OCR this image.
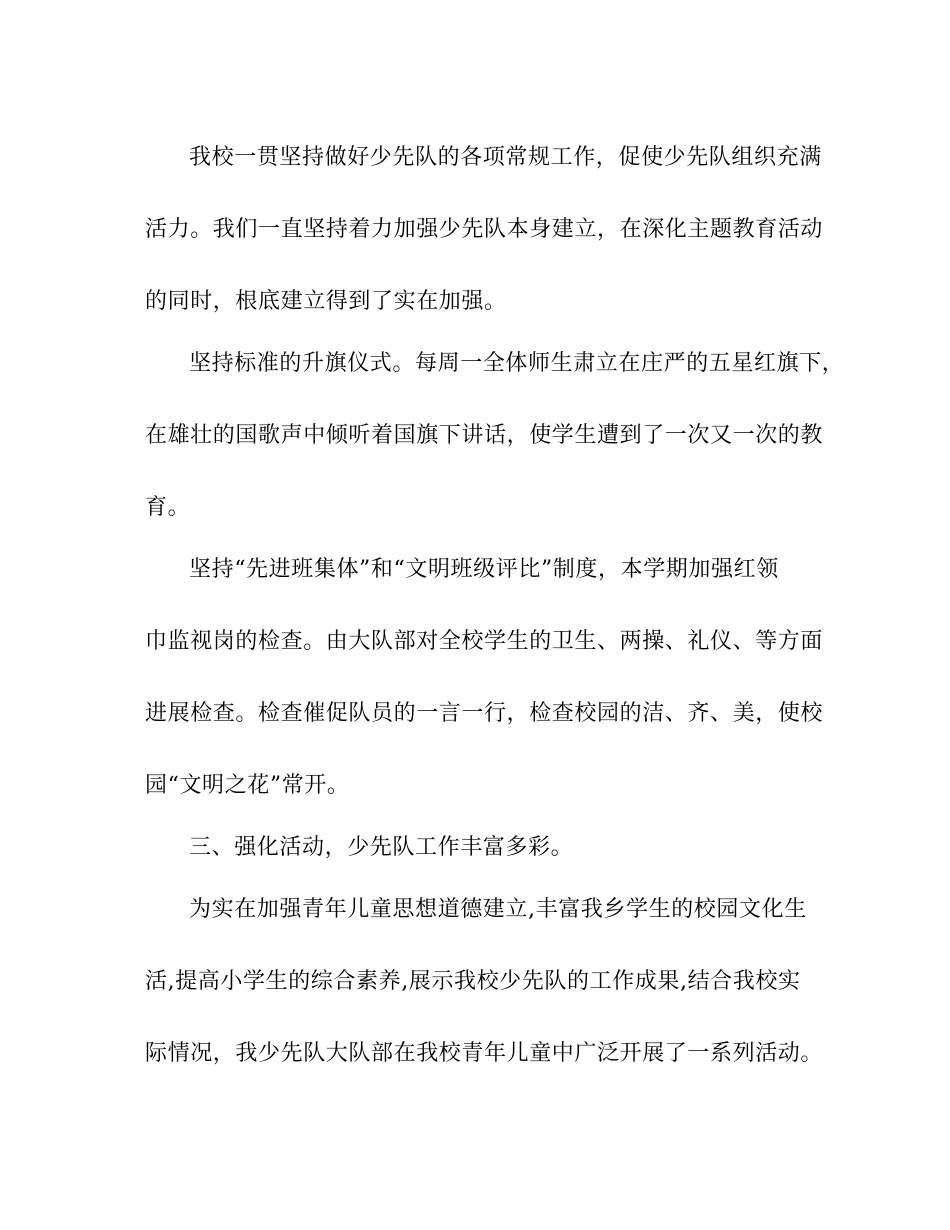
我校一贯坚持做好少先队的各项常规工作，促使少先队组织充满
活力。我们一直坚持着力加强少先队本身建立，在深化主题教育活动
的同时，根底建立得到了实在加强。
坚持标准的升旗仪式。每周一全体师生肃立在庄严的五星红旗下，
在雄壮的国歌声中倾听着国旗下讲话，使学生遭到了一次又一次的教
育。
坚持“先进班集体”和“文明班级评比”制度，本学期加强红领
巾监视岗的检查。由大队部对全校学生的卫生、两操、礼仪、等方面
进展检查。检查催促队员的一言一行，检查校园的洁、齐、美，使校
园“文明之花”常开。
三、强化活动，少先队工作丰富多彩。
为实在加强青年儿童思想道德建立,丰富我乡学生的校园文化生
活,提高小学生的综合素养,展示我校少先队的工作成果,结合我校实
际情况，我少先队大队部在我校青年儿童中广泛开展了一系列活动。
